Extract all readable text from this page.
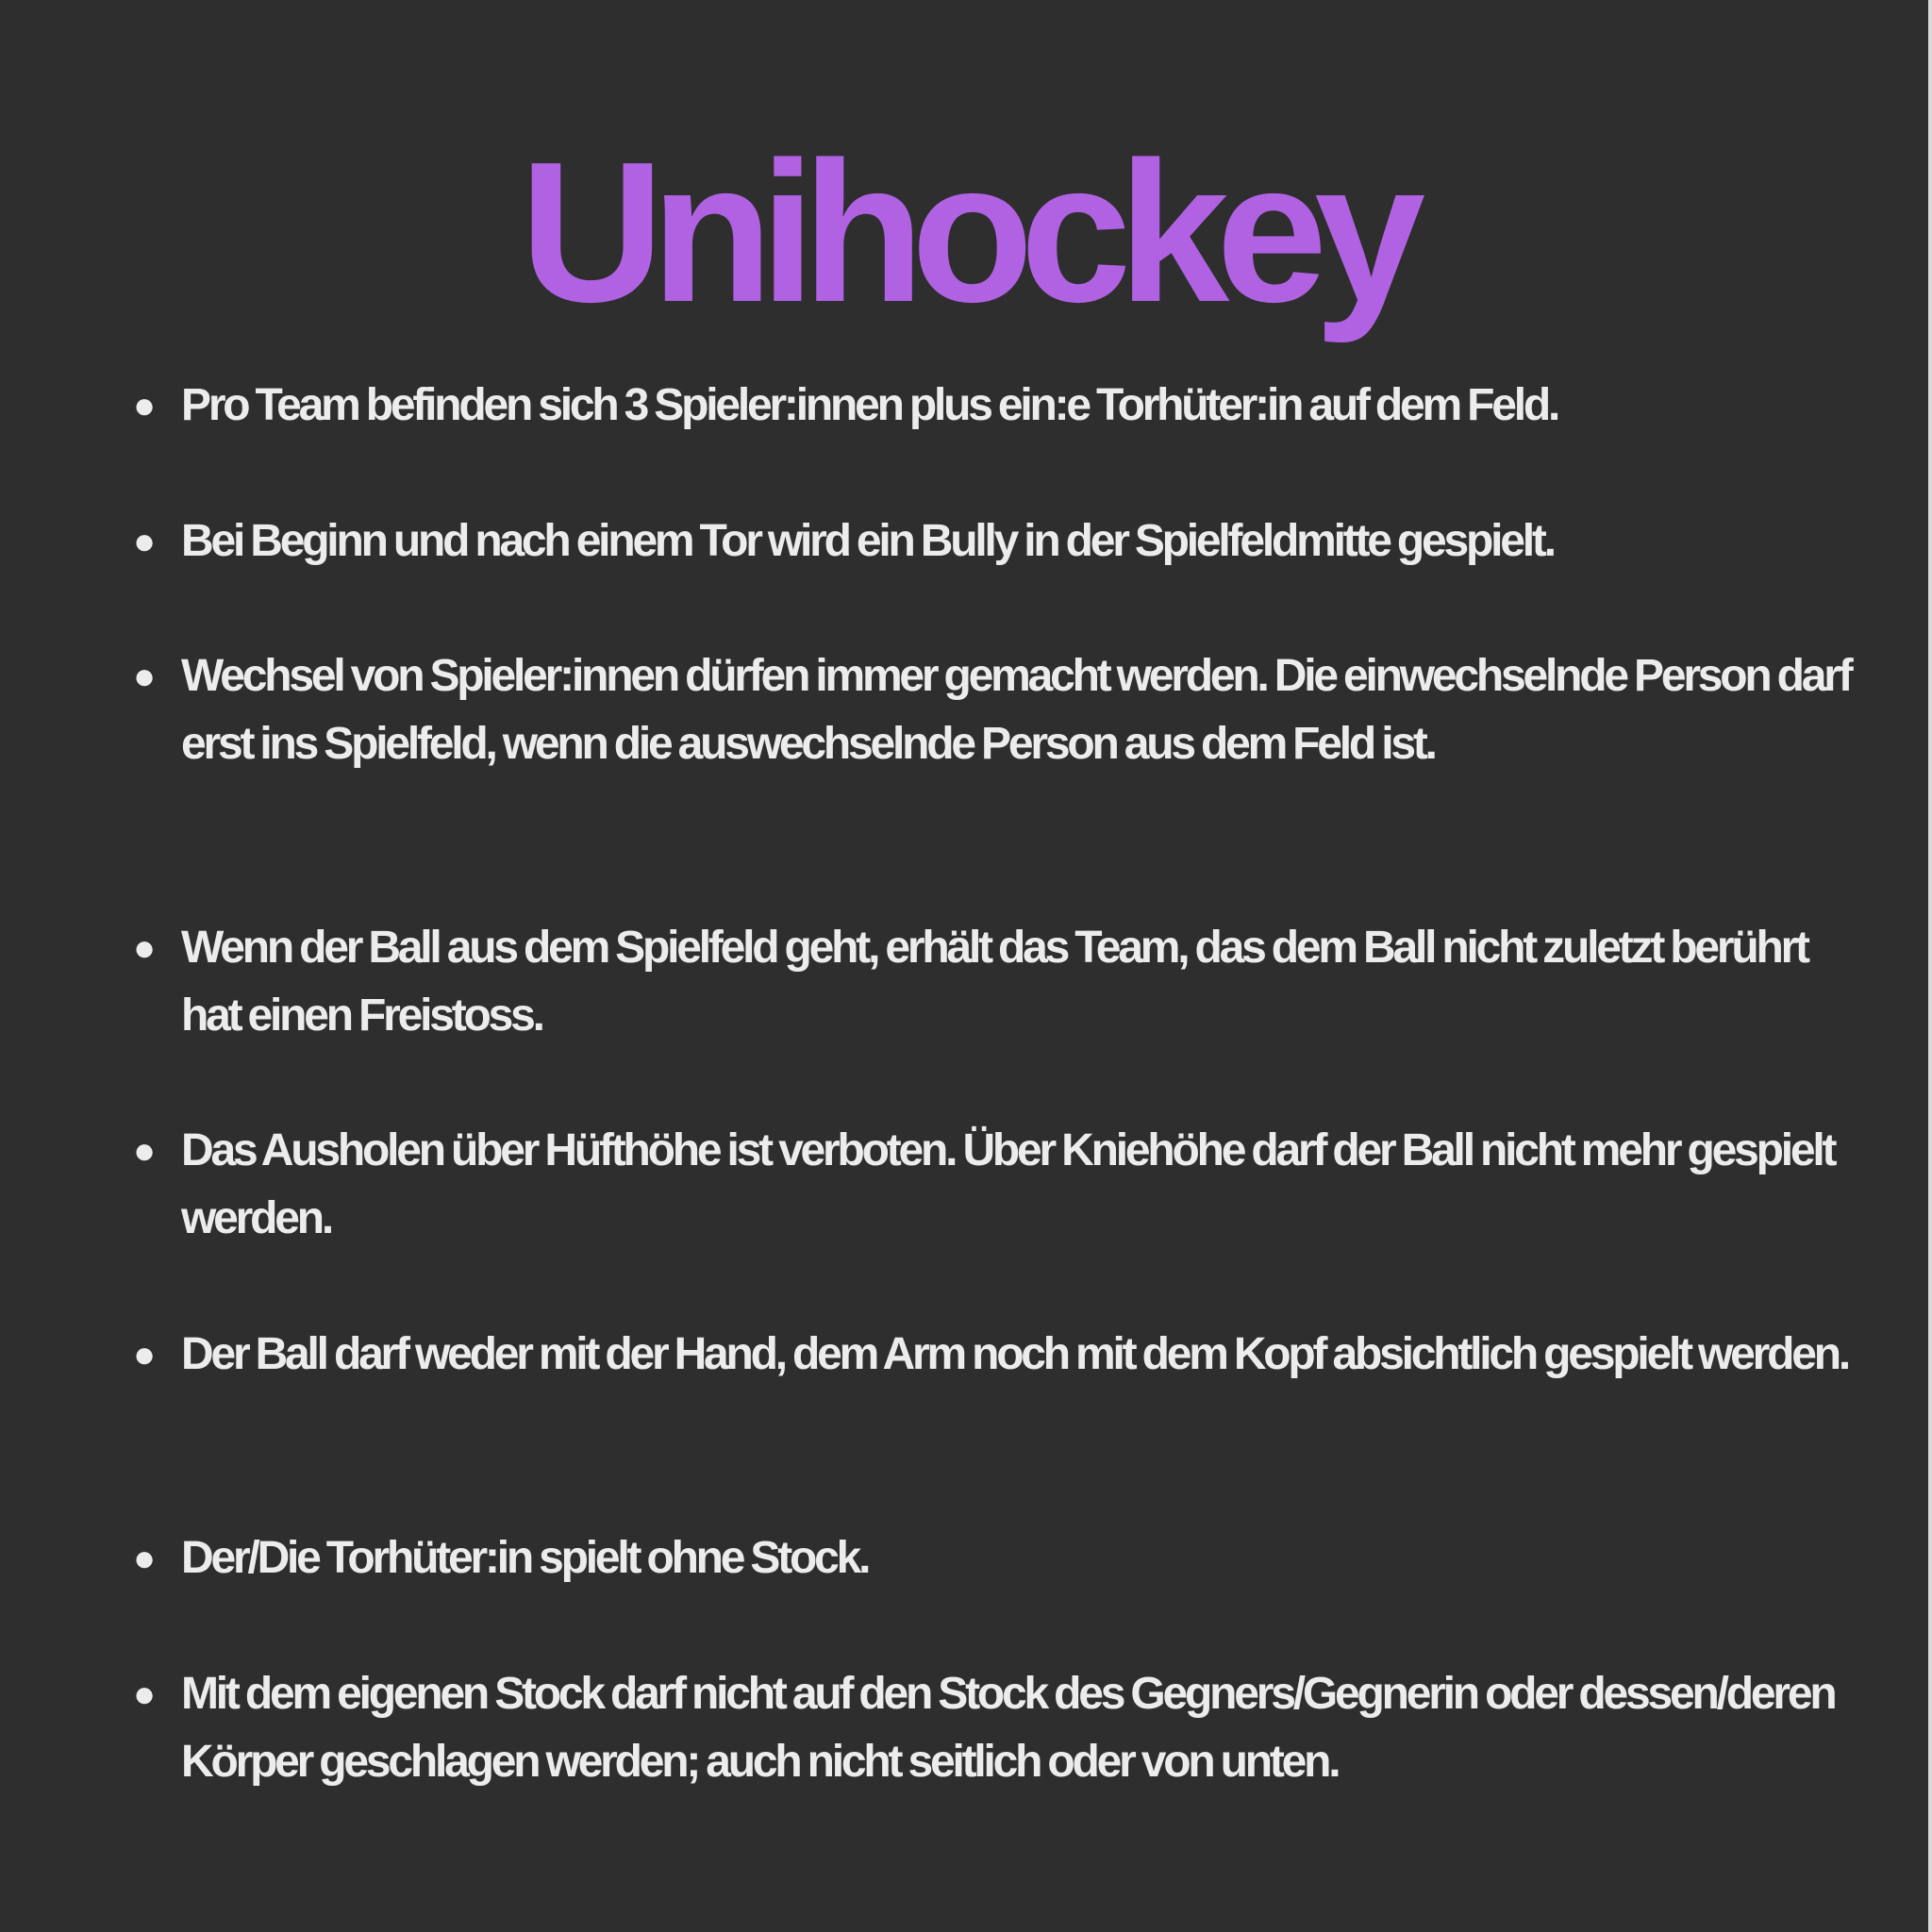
Unihockey
● Pro Team befinden sich 3 Spieler:innen plus ein:e Torhüter:in auf dem Feld.
● Bei Beginn und nach einem Tor wird ein Bully in der Spielfeldmitte gespielt.
● Wechsel von Spieler:innen dürfen immer gemacht werden. Die einwechselnde Person darf erst ins Spielfeld, wenn die auswechselnde Person aus dem Feld ist.
● Wenn der Ball aus dem Spielfeld geht, erhält das Team, das dem Ball nicht zuletzt berührt hat einen Freistoss.
● Das Ausholen über Hüfthöhe ist verboten. Über Kniehöhe darf der Ball nicht mehr gespielt werden.
● Der Ball darf weder mit der Hand, dem Arm noch mit dem Kopf absichtlich gespielt werden.
● Der/Die Torhüter:in spielt ohne Stock.
● Mit dem eigenen Stock darf nicht auf den Stock des Gegners/Gegnerin oder dessen/deren Körper geschlagen werden; auch nicht seitlich oder von unten.
